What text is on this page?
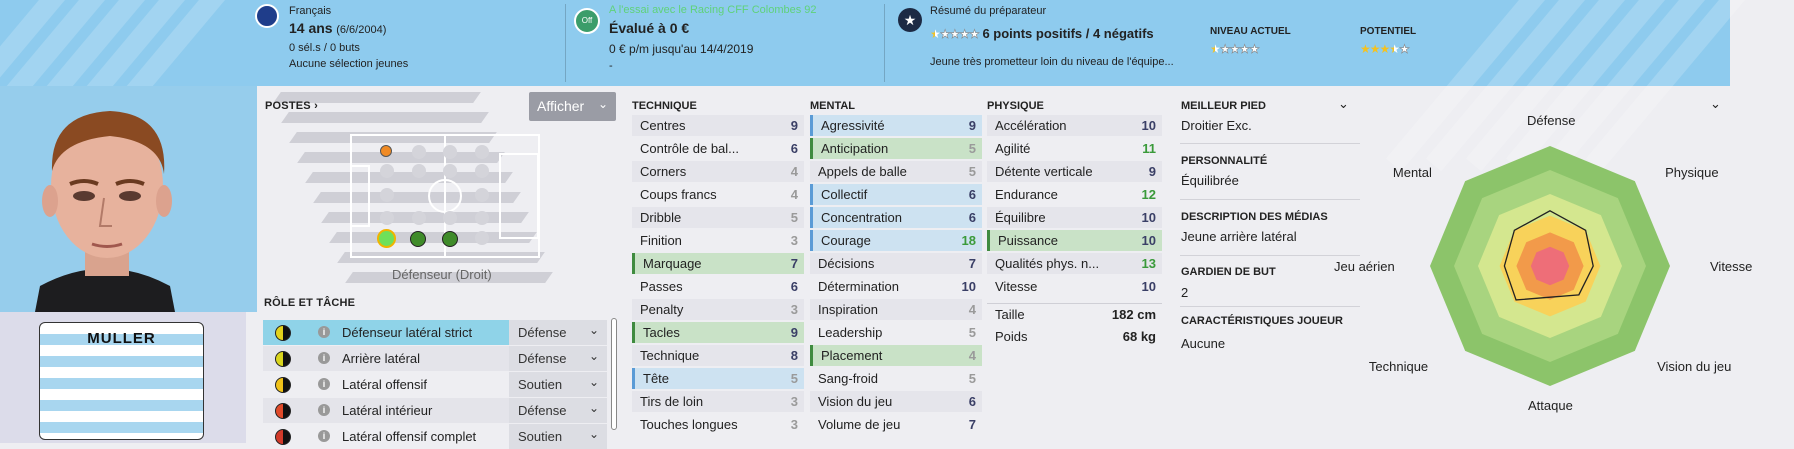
Français
14 ans (6/6/2004)
0 sél.s / 0 buts
Aucune sélection jeunes
Off
A l'essai avec le Racing CFF Colombes 92
Évalué à 0 €
0 € p/m jusqu'au 14/4/2019
-
★
Résumé du préparateur
★★★★★ 6 points positifs / 4 négatifs
Jeune très prometteur loin du niveau de l'équipe...
NIVEAU ACTUEL
★★★★★
POTENTIEL
★★★★★
MULLER
POSTES ›	Afficher ⌄
Défenseur (Droit)
RÔLE ET TÂCHE
i	Défenseur latéral strict	Défense ⌄
i	Arrière latéral	Défense ⌄
i	Latéral offensif	Soutien ⌄
i	Latéral intérieur	Défense ⌄
i	Latéral offensif complet	Soutien ⌄
TECHNIQUE	MENTAL	PHYSIQUE
Centres	9
Contrôle de bal...	6
Corners	4
Coups francs	4
Dribble	5
Finition	3
Marquage	7
Passes	6
Penalty	3
Tacles	9
Technique	8
Tête	5
Tirs de loin	3
Touches longues	3
Agressivité	9
Anticipation	5
Appels de balle	5
Collectif	6
Concentration	6
Courage	18
Décisions	7
Détermination	10
Inspiration	4
Leadership	5
Placement	4
Sang-froid	5
Vision du jeu	6
Volume de jeu	7
Accélération	10
Agilité	11
Détente verticale	9
Endurance	12
Équilibre	10
Puissance	10
Qualités phys. n...	13
Vitesse	10
Taille	182 cm
Poids	68 kg
MEILLEUR PIED	⌄
Droitier Exc.
PERSONNALITÉ
Équilibrée
DESCRIPTION DES MÉDIAS
Jeune arrière latéral
GARDIEN DE BUT
2
CARACTÉRISTIQUES JOUEUR
Aucune
⌄
Défense
Physique
Vitesse
Vision du jeu
Attaque
Technique
Jeu aérien
Mental
